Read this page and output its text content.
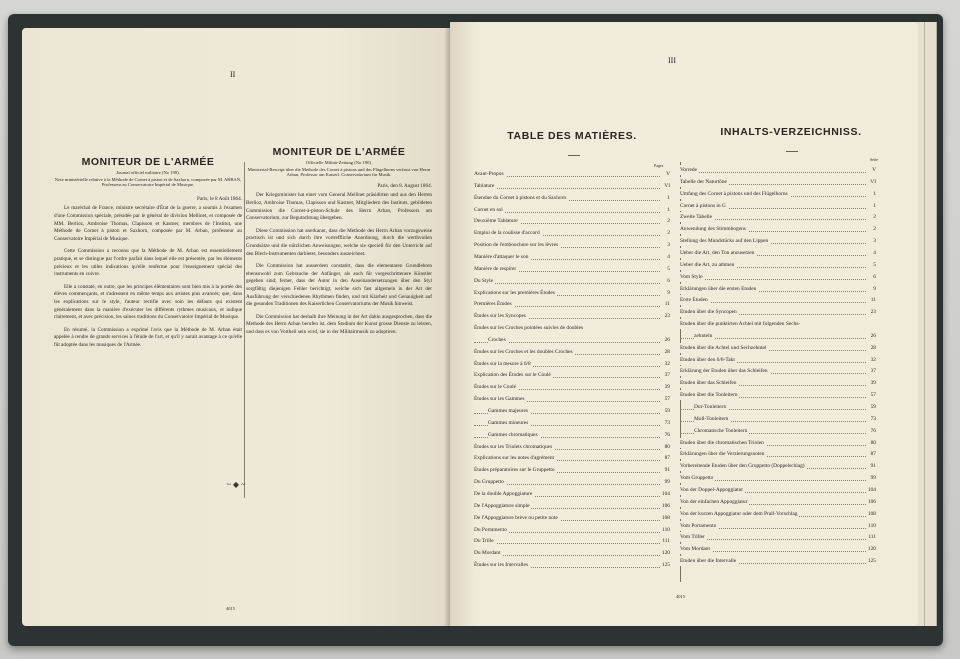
II
MONITEUR DE L'ARMÉE
Journal officiel militaire (No 190).
Note ministérielle relative à la Méthode de Cornet à piston et de Saxhorn, composée par M. ARBAN, Professeur au Conservatoire Impérial de Musique.
Paris, le 8 Août 1864.

Le maréchal de France, ministre secrétaire d'État de la guerre, a soumis à l'examen d'une Commission spéciale, présidée par le général de division Mellinet, et composée de MM. Berlioz, Ambroise Thomas, Clapisson et Kastner, membres de l'Institut, une Méthode de Cornet à piston et Saxhorn, composée par M. Arban, professeur au Conservatoire Impérial de Musique.

Cette Commission a reconnu que la Méthode de M. Arban est essentiellement pratique, et se distingue par l'ordre parfait dans lequel elle est présentée, par les éléments précieux et les utiles indications qu'elle renferme pour l'enseignement spécial des instruments en cuivre.

Elle a constaté, en outre, que les principes élémentaires sont bien mis à la portée des élèves commençants, et s'adressent en même temps aux artistes plus avancés; que, dans les explications sur le style, l'auteur rectifie avec soin les défauts qui existent généralement dans la manière d'exécuter les différents rythmes musicaux, et indique clairement, et avec précision, les saines traditions du Conservatoire Impérial de Musique.

En résumé, la Commission a exprimé l'avis que la Méthode de M. Arban était appelée à rendre de grands services à l'étude de l'art, et qu'il y aurait avantage à ce qu'elle fût adoptée dans les musiques de l'Armée.

MONITEUR DE L'ARMÉE
Officielle Militär-Zeitung (No 190).
Ministerial-Rescript über die Methode des Cornet à pistons und des Flügelhorns verfasst von Herrn Arban, Professor am Kaiserl. Conservatorium für Musik.
Paris, den 8. August 1864.

Der Kriegsminister hat einer vom General Mellinet präsidirten und aus den Herren Berlioz, Ambroise Thomas, Clapisson und Kastner, Mitgliedern des Instituts, gebildeten Commission die Cornet-à-piston-Schule des Herrn Arban, Professors am Conservatorium, zur Begutachtung übergeben.

Diese Commission hat anerkannt, dass die Methode des Herrn Arban vorzugsweise practisch ist und sich durch ihre vortreffliche Anordnung, durch die werthvollen Grundsätze und die nützlichen Anweisungen, welche sie speciell für den Unterricht auf den Blech-Instrumenten darbietet, besonders auszeichnet.

Die Commission hat ausserdem constatirt, dass die elementaren Grundlehren ebensowohl zum Gebrauche der Anfänger, als auch für vorgeschrittenere Künstler gegeben sind; ferner, dass der Autor in den Auseinandersetzungen über den Styl sorgfältig diejenigen Fehler berichtigt, welche sich fast allgemein in der Art der Ausführung der verschiedenen Rhythmen finden, und mit Klarheit und Genauigkeit auf die gesunden Traditionen des Kaiserlichen Conservatoriums der Musik hinweist.

Die Commission hat deshalb ihre Meinung in der Art dahin ausgesprochen, dass die Methode des Herrn Arban berufen ist, dem Studium der Kunst grosse Dienste zu leisten, und dass es von Vortheil sein wird, sie in der Militairmusik zu adoptiren.

~◆~
4015
III
TABLE DES MATIÈRES.	INHALTS-VERZEICHNISS.
Pages
Seite
Avant-Propos	V
Tablature	VI
Étendue du Cornet à pistons et du Saxhorn	1
Cornet en sol	1
Deuxième Tablature	2
Emploi de la coulisse d'accord	2
Position de l'embouchure sur les lèvres	3
Manière d'attaquer le son	4
Manière de respirer	5
Du Style	6
Explications sur les premières Études	9
Premières Études	11
Études sur les Syncopes	23
Études sur les Croches pointées suivies de doubles
Croches	26
Études sur les Croches et les doubles Croches	28
Études sur la mesure à 6/8	32
Explication des Études sur le Coulé	37
Études sur le Coulé	39
Études sur les Gammes	57
Gammes majeures	59
Gammes mineures	73
Gammes chromatiques	76
Études sur les Triolets chromatiques	80
Explications sur les notes d'agrément	87
Études préparatoires sur le Gruppetto	91
Du Gruppetto	99
De la double Appoggiature	104
De l'Appoggiature simple	106
De l'Appoggiature brève ou petite note	108
Du Portamento	110
Du Trille	111
Du Mordant	120
Études sur les Intervalles	125
Vorrede	V
Tabelle der Naturtöne	VI
Umfang des Cornet à pistons und des Flügelhorns	1
Cornet à pistons in G	1
Zweite Tabelle	2
Anwendung des Stimmbogens	2
Stellung des Mundstücks auf den Lippen	3
Ueber die Art, den Ton anzusetzen	4
Ueber die Art, zu athmen	5
Vom Style	6
Erklärungen über die ersten Etuden	9
Erste Etuden	11
Etuden über die Syncopen	23
Etuden über die punktirten Achtel mit folgenden Sechs-
zehnteln	26
Etuden über die Achtel und Sechzehntel	28
Etuden über den 6/8-Takt	32
Erklärung der Etuden über das Schleifen	37
Etuden über das Schleifen	39
Etuden über die Tonleitern	57
Dur-Tonleitern	59
Moll-Tonleitern	73
Chromatische Tonleitern	76
Etuden über die chromatischen Triolen	80
Erklärungen über die Verzierungsnoten	87
Vorbereitende Etuden über den Gruppetto (Doppelschlag)	91
Vom Gruppetto	99
Von der Doppel-Appoggiatur	104
Von der einfachen Appoggiatur	106
Von der kurzen Appoggiatur oder dem Prall-Vorschlag	108
Vom Portamento	110
Vom Triller	111
Vom Mordant	120
Etuden über die Intervalle	125
4015
